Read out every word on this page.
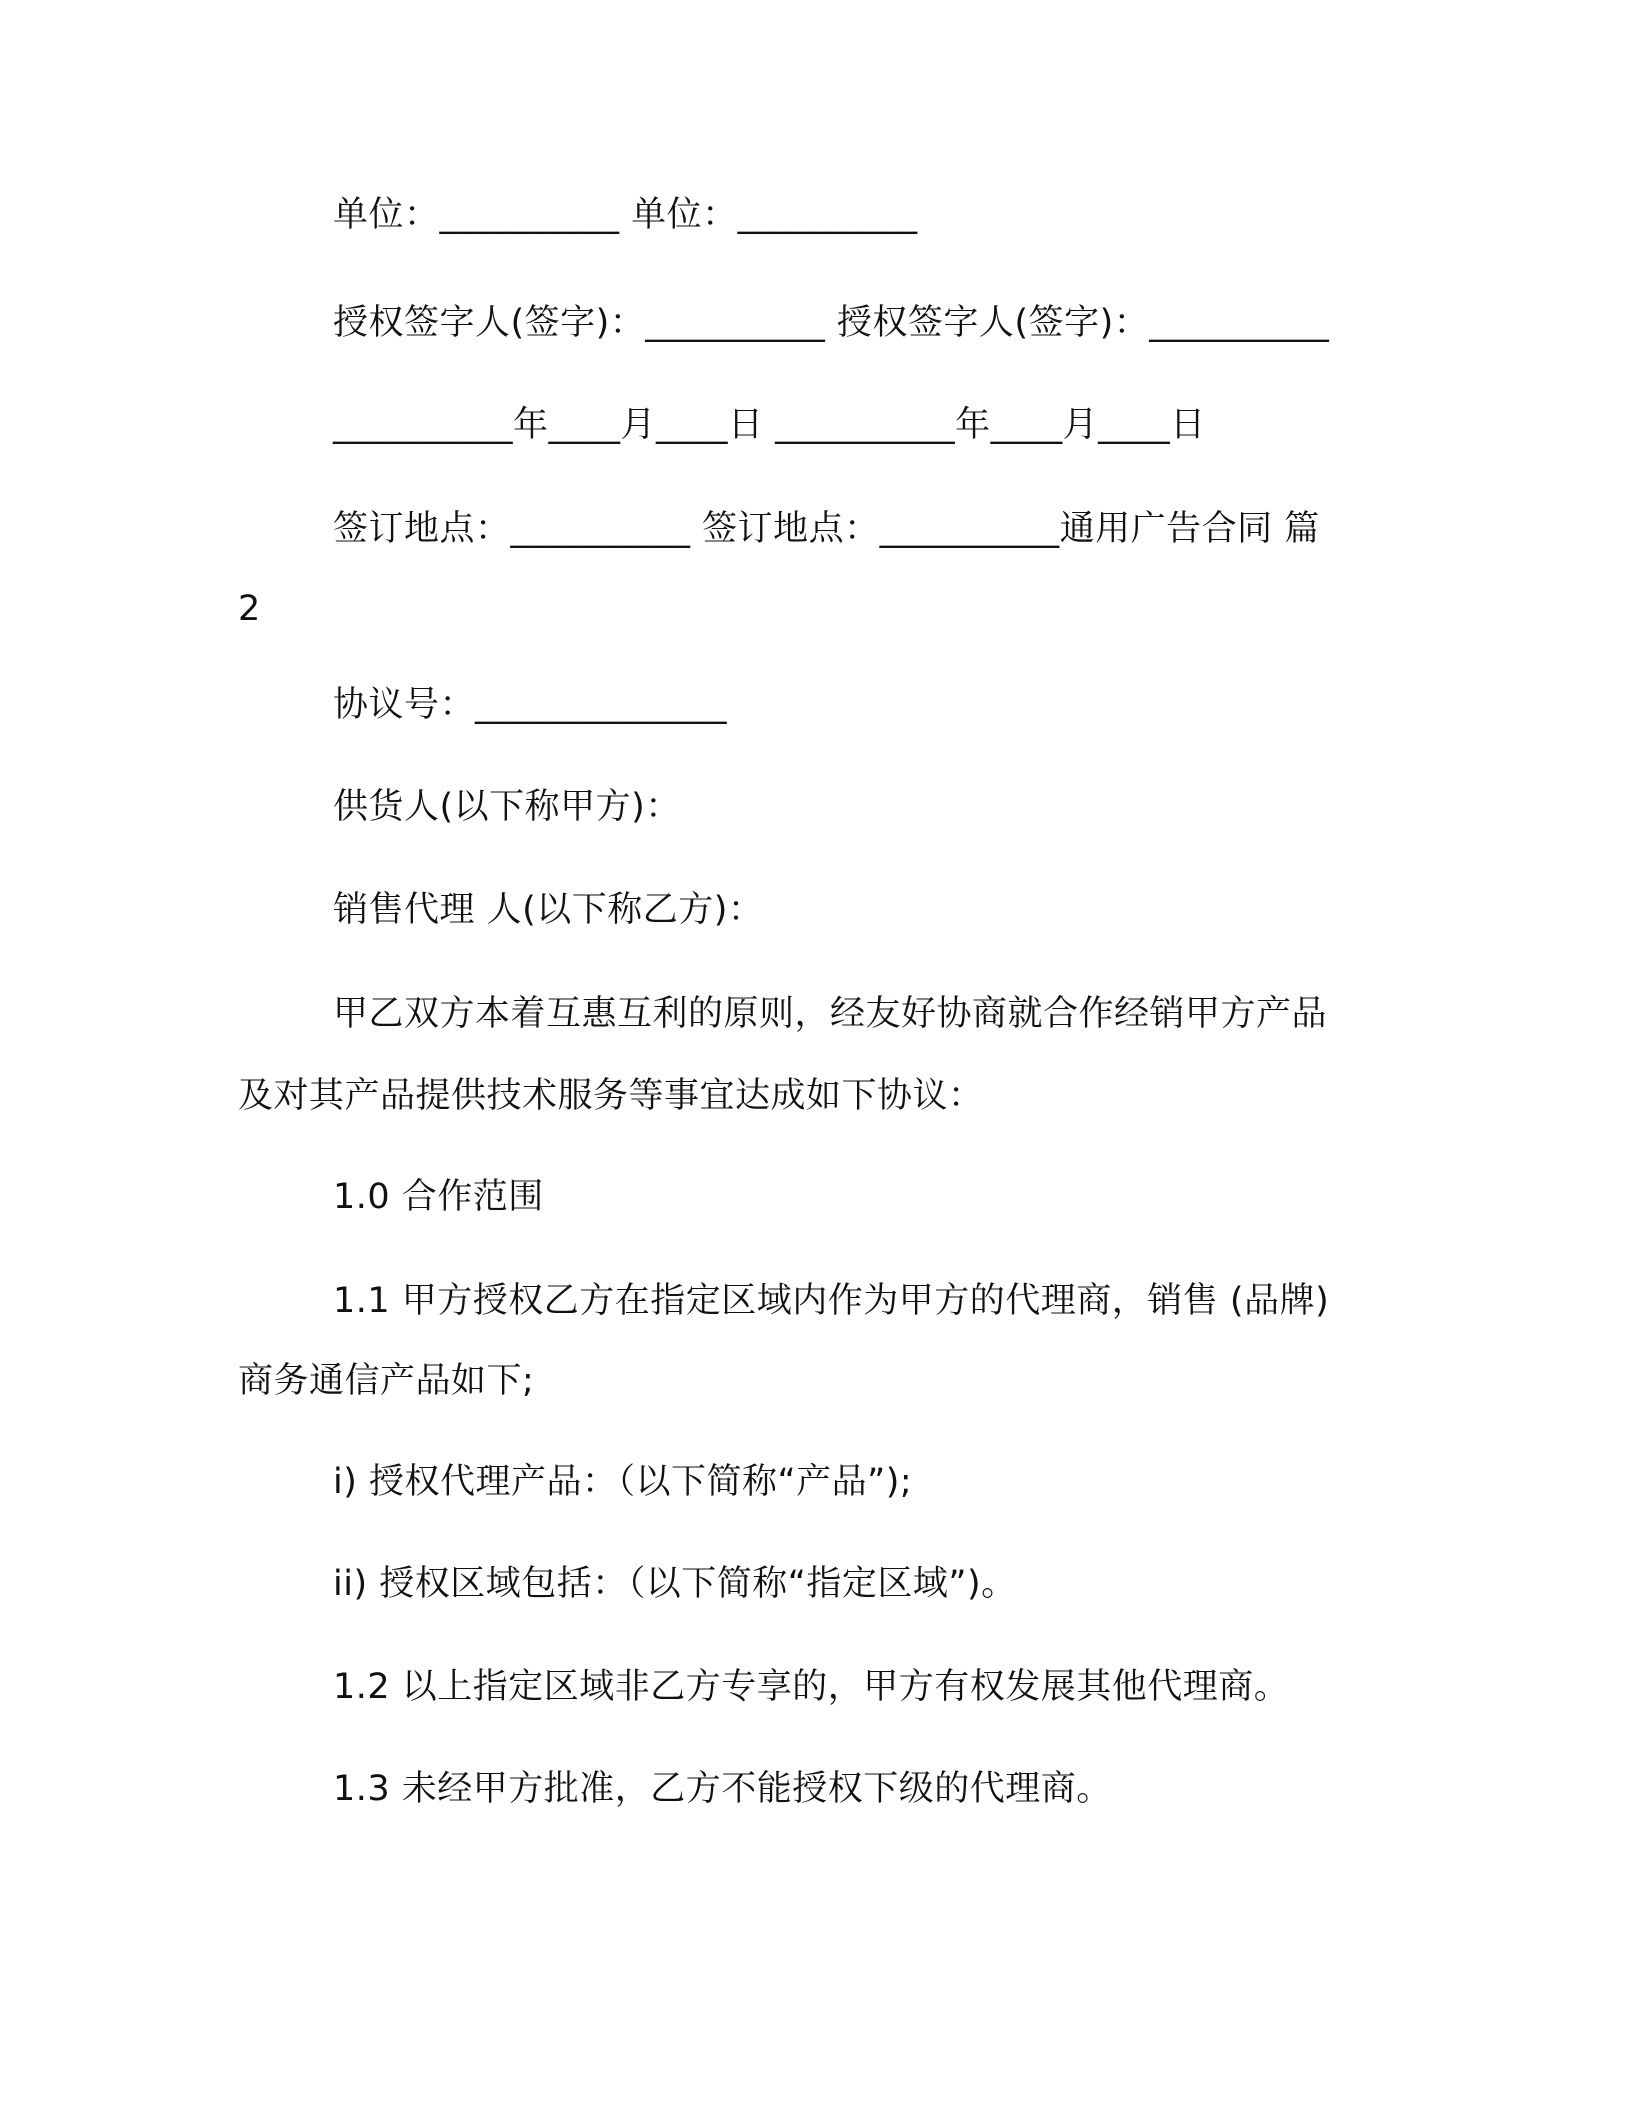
单位：__________ 单位：__________
授权签字人(签字)：__________ 授权签字人(签字)：__________
__________年____月____日 __________年____月____日
签订地点：__________ 签订地点：__________通用广告合同 篇
2
协议号：______________
供货人(以下称甲方)：
销售代理 人(以下称乙方)：
甲乙双方本着互惠互利的原则，经友好协商就合作经销甲方产品
及对其产品提供技术服务等事宜达成如下协议：
1.0 合作范围
1.1 甲方授权乙方在指定区域内作为甲方的代理商，销售 (品牌)
商务通信产品如下;
i) 授权代理产品：（以下简称“产品”);
ii) 授权区域包括：（以下简称“指定区域”)。
1.2 以上指定区域非乙方专享的，甲方有权发展其他代理商。
1.3 未经甲方批准，乙方不能授权下级的代理商。
